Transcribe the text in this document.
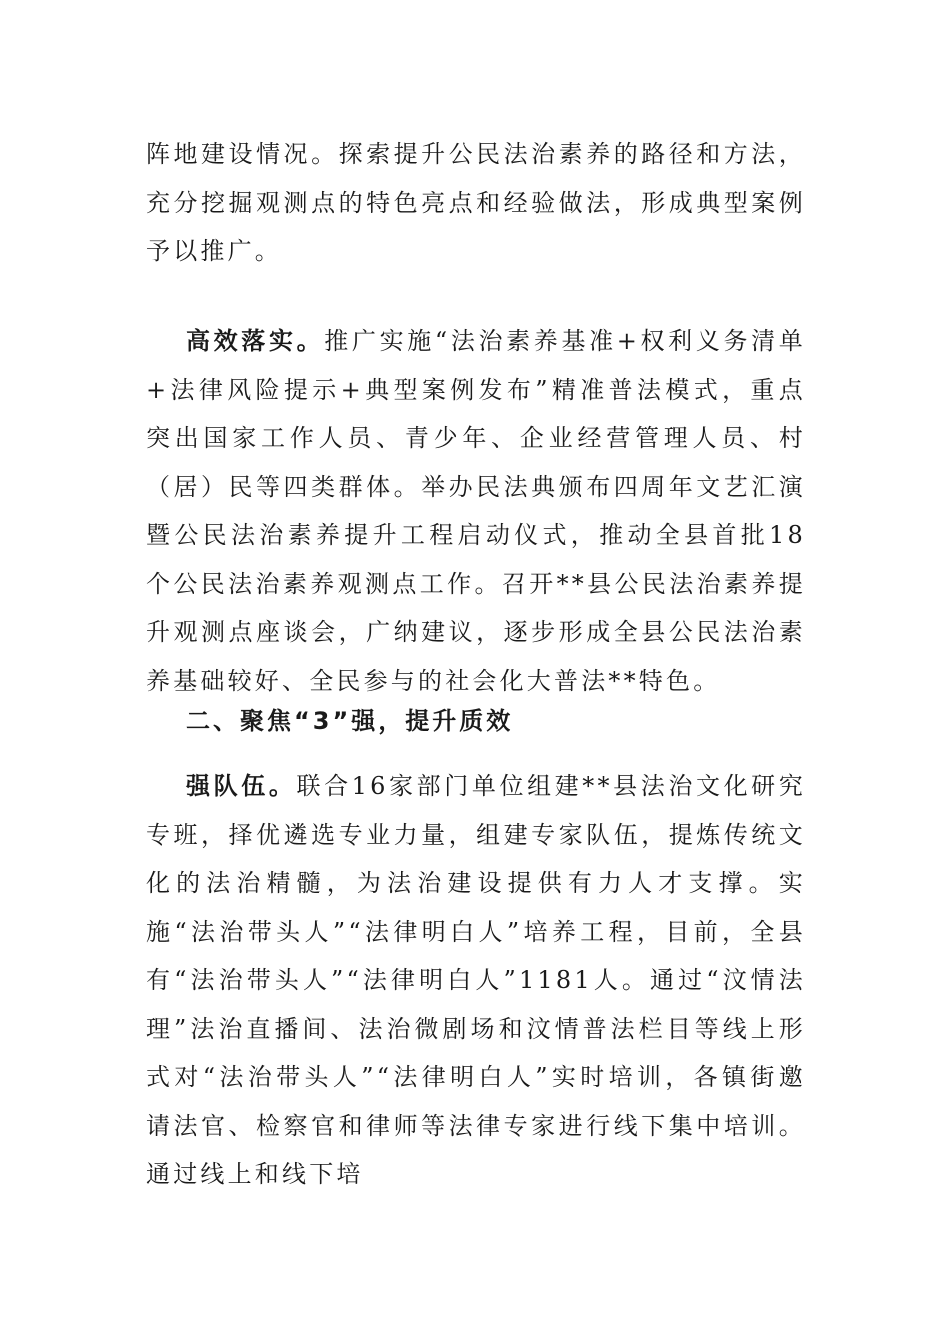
阵地建设情况。探索提升公民法治素养的路径和方法，充分挖掘观测点的特色亮点和经验做法，形成典型案例予以推广。

高效落实。推广实施“法治素养基准+权利义务清单+法律风险提示+典型案例发布”精准普法模式，重点突出国家工作人员、青少年、企业经营管理人员、村（居）民等四类群体。举办民法典颁布四周年文艺汇演暨公民法治素养提升工程启动仪式，推动全县首批18个公民法治素养观测点工作。召开**县公民法治素养提升观测点座谈会，广纳建议，逐步形成全县公民法治素养基础较好、全民参与的社会化大普法**特色。

二、聚焦“3”强，提升质效

强队伍。联合16家部门单位组建**县法治文化研究专班，择优遴选专业力量，组建专家队伍，提炼传统文化的法治精髓，为法治建设提供有力人才支撑。实施“法治带头人”“法律明白人”培养工程，目前，全县有“法治带头人”“法律明白人”1181人。通过“汶情法理”法治直播间、法治微剧场和汶情普法栏目等线上形式对“法治带头人”“法律明白人”实时培训，各镇街邀请法官、检察官和律师等法律专家进行线下集中培训。通过线上和线下培
